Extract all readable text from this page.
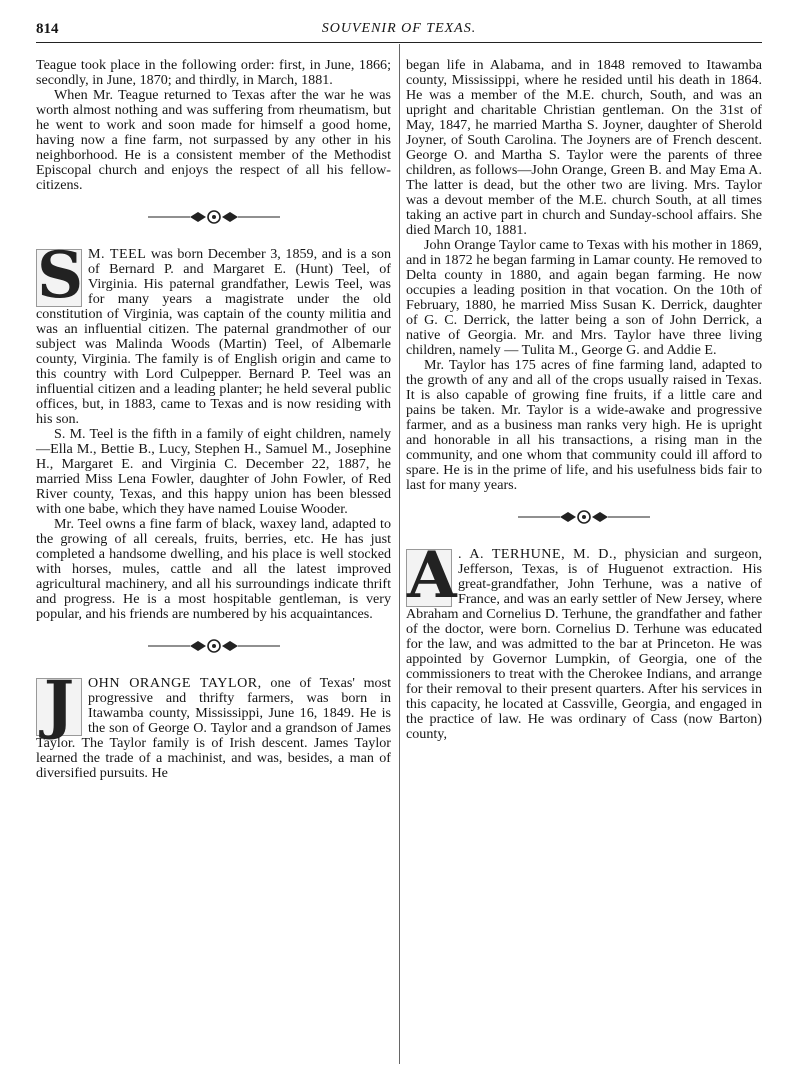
814	SOUVENIR OF TEXAS.

Teague took place in the following order: first, in June, 1866; secondly, in June, 1870; and thirdly, in March, 1881.

When Mr. Teague returned to Texas after the war he was worth almost nothing and was suffering from rheumatism, but he went to work and soon made for himself a good home, having now a fine farm, not surpassed by any other in his neighborhood. He is a consistent member of the Methodist Episcopal church and enjoys the respect of all his fellow-citizens.

S M. TEEL was born December 3, 1859, and is a son of Bernard P. and Margaret E. (Hunt) Teel, of Virginia. His paternal grandfather, Lewis Teel, was for many years a magistrate under the old constitution of Virginia, was captain of the county militia and was an influential citizen. The paternal grandmother of our subject was Malinda Woods (Martin) Teel, of Albemarle county, Virginia. The family is of English origin and came to this country with Lord Culpepper. Bernard P. Teel was an influential citizen and a leading planter; he held several public offices, but, in 1883, came to Texas and is now residing with his son.

S. M. Teel is the fifth in a family of eight children, namely—Ella M., Bettie B., Lucy, Stephen H., Samuel M., Josephine H., Margaret E. and Virginia C. December 22, 1887, he married Miss Lena Fowler, daughter of John Fowler, of Red River county, Texas, and this happy union has been blessed with one babe, which they have named Louise Wooder.

Mr. Teel owns a fine farm of black, waxey land, adapted to the growing of all cereals, fruits, berries, etc. He has just completed a handsome dwelling, and his place is well stocked with horses, mules, cattle and all the latest improved agricultural machinery, and all his surroundings indicate thrift and progress. He is a most hospitable gentleman, is very popular, and his friends are numbered by his acquaintances.

J OHN ORANGE TAYLOR, one of Texas' most progressive and thrifty farmers, was born in Itawamba county, Mississippi, June 16, 1849. He is the son of George O. Taylor and a grandson of James Taylor. The Taylor family is of Irish descent. James Taylor learned the trade of a machinist, and was, besides, a man of diversified pursuits. He

began life in Alabama, and in 1848 removed to Itawamba county, Mississippi, where he resided until his death in 1864. He was a member of the M.E. church, South, and was an upright and charitable Christian gentleman. On the 31st of May, 1847, he married Martha S. Joyner, daughter of Sherold Joyner, of South Carolina. The Joyners are of French descent. George O. and Martha S. Taylor were the parents of three children, as follows—John Orange, Green B. and May Ema A. The latter is dead, but the other two are living. Mrs. Taylor was a devout member of the M.E. church South, at all times taking an active part in church and Sunday-school affairs. She died March 10, 1881.

John Orange Taylor came to Texas with his mother in 1869, and in 1872 he began farming in Lamar county. He removed to Delta county in 1880, and again began farming. He now occupies a leading position in that vocation. On the 10th of February, 1880, he married Miss Susan K. Derrick, daughter of G. C. Derrick, the latter being a son of John Derrick, a native of Georgia. Mr. and Mrs. Taylor have three living children, namely — Tulita M., George G. and Addie E.

Mr. Taylor has 175 acres of fine farming land, adapted to the growth of any and all of the crops usually raised in Texas. It is also capable of growing fine fruits, if a little care and pains be taken. Mr. Taylor is a wide-awake and progressive farmer, and as a business man ranks very high. He is upright and honorable in all his transactions, a rising man in the community, and one whom that community could ill afford to spare. He is in the prime of life, and his usefulness bids fair to last for many years.

A . A. TERHUNE, M. D., physician and surgeon, Jefferson, Texas, is of Huguenot extraction. His great-grandfather, John Terhune, was a native of France, and was an early settler of New Jersey, where Abraham and Cornelius D. Terhune, the grandfather and father of the doctor, were born. Cornelius D. Terhune was educated for the law, and was admitted to the bar at Princeton. He was appointed by Governor Lumpkin, of Georgia, one of the commissioners to treat with the Cherokee Indians, and arrange for their removal to their present quarters. After his services in this capacity, he located at Cassville, Georgia, and engaged in the practice of law. He was ordinary of Cass (now Barton) county,
